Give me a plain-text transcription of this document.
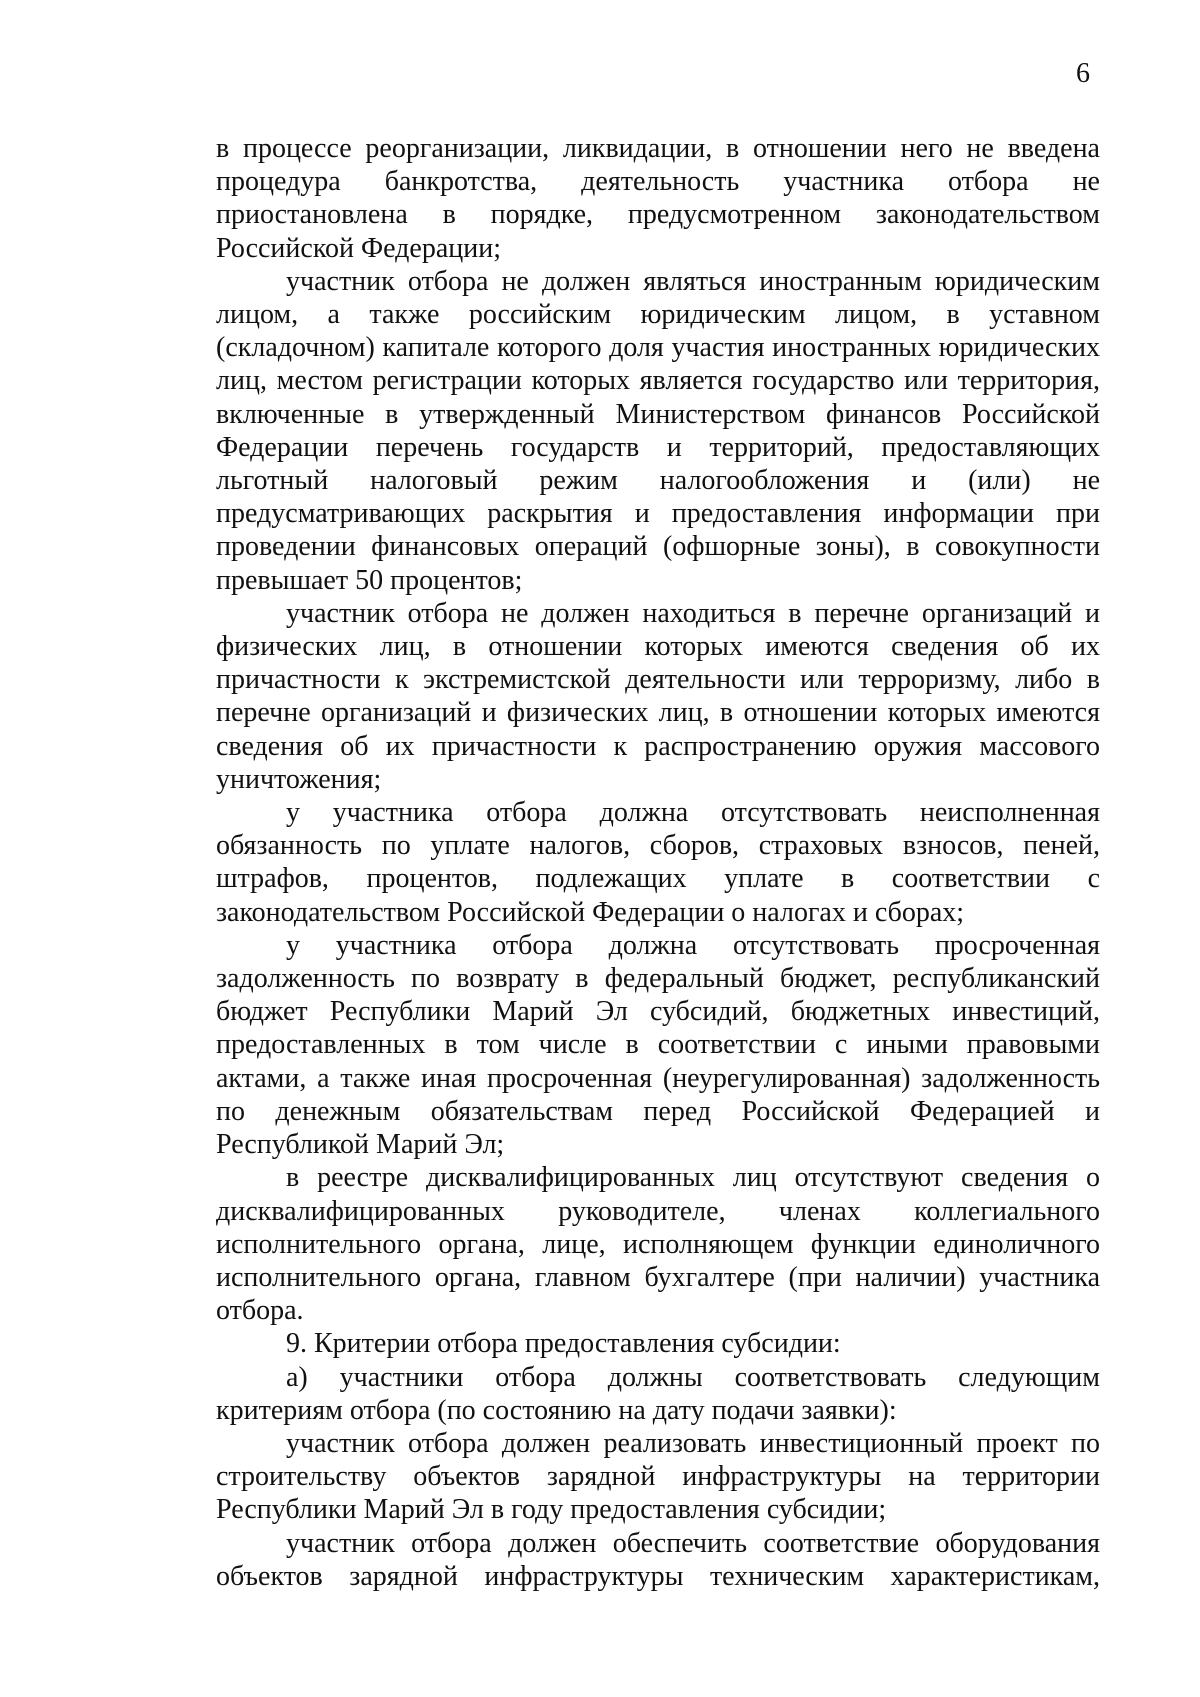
6

в процессе реорганизации, ликвидации, в отношении него не введена процедура банкротства, деятельность участника отбора не приостановлена в порядке, предусмотренном законодательством Российской Федерации;

участник отбора не должен являться иностранным юридическим лицом, а также российским юридическим лицом, в уставном (складочном) капитале которого доля участия иностранных юридических лиц, местом регистрации которых является государство или территория, включенные в утвержденный Министерством финансов Российской Федерации перечень государств и территорий, предоставляющих льготный налоговый режим налогообложения и (или) не предусматривающих раскрытия и предоставления информации при проведении финансовых операций (офшорные зоны), в совокупности превышает 50 процентов;

участник отбора не должен находиться в перечне организаций и физических лиц, в отношении которых имеются сведения об их причастности к экстремистской деятельности или терроризму, либо в перечне организаций и физических лиц, в отношении которых имеются сведения об их причастности к распространению оружия массового уничтожения;

у участника отбора должна отсутствовать неисполненная обязанность по уплате налогов, сборов, страховых взносов, пеней, штрафов, процентов, подлежащих уплате в соответствии с законодательством Российской Федерации о налогах и сборах;

у участника отбора должна отсутствовать просроченная задолженность по возврату в федеральный бюджет, республиканский бюджет Республики Марий Эл субсидий, бюджетных инвестиций, предоставленных в том числе в соответствии с иными правовыми актами, а также иная просроченная (неурегулированная) задолженность по денежным обязательствам перед Российской Федерацией и Республикой Марий Эл;

в реестре дисквалифицированных лиц отсутствуют сведения о дисквалифицированных руководителе, членах коллегиального исполнительного органа, лице, исполняющем функции единоличного исполнительного органа, главном бухгалтере (при наличии) участника отбора.

9. Критерии отбора предоставления субсидии:

а) участники отбора должны соответствовать следующим критериям отбора (по состоянию на дату подачи заявки):

участник отбора должен реализовать инвестиционный проект по строительству объектов зарядной инфраструктуры на территории Республики Марий Эл в году предоставления субсидии;

участник отбора должен обеспечить соответствие оборудования объектов зарядной инфраструктуры техническим характеристикам,
